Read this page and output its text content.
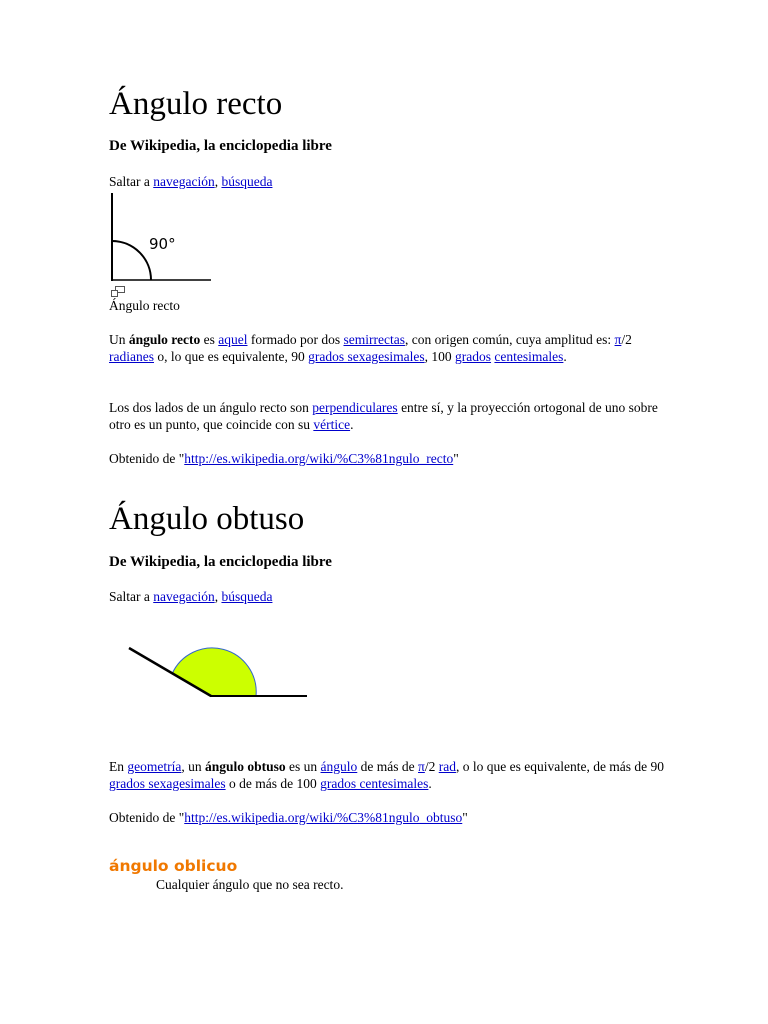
Ángulo recto
De Wikipedia, la enciclopedia libre
Saltar a navegación, búsqueda
90°
Ángulo recto

Un ángulo recto es aquel formado por dos semirrectas, con origen común, cuya amplitud es: π/2 radianes o, lo que es equivalente, 90 grados sexagesimales, 100 grados centesimales.

Los dos lados de un ángulo recto son perpendiculares entre sí, y la proyección ortogonal de uno sobre otro es un punto, que coincide con su vértice.

Obtenido de "http://es.wikipedia.org/wiki/%C3%81ngulo_recto"
Ángulo obtuso
De Wikipedia, la enciclopedia libre
Saltar a navegación, búsqueda

En geometría, un ángulo obtuso es un ángulo de más de π/2 rad, o lo que es equivalente, de más de 90 grados sexagesimales o de más de 100 grados centesimales.

Obtenido de "http://es.wikipedia.org/wiki/%C3%81ngulo_obtuso"
ángulo oblicuo
Cualquier ángulo que no sea recto.
